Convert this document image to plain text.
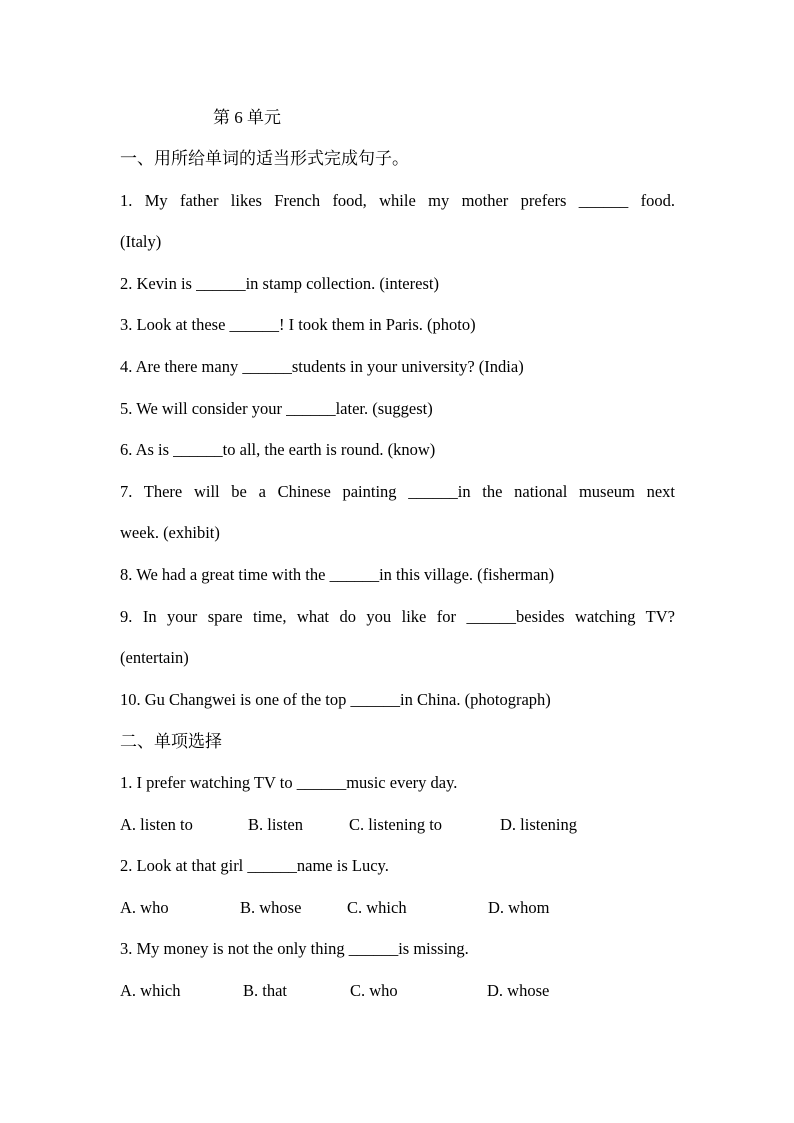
第 6 单元
一、用所给单词的适当形式完成句子。
1. My father likes French food, while my mother prefers ______ food.
(Italy)
2. Kevin is ______in stamp collection. (interest)
3. Look at these ______! I took them in Paris. (photo)
4. Are there many ______students in your university? (India)
5. We will consider your ______later. (suggest)
6. As is ______to all, the earth is round. (know)
7. There will be a Chinese painting ______in the national museum next
week. (exhibit)
8. We had a great time with the ______in this village. (fisherman)
9. In your spare time, what do you like for ______besides watching TV?
(entertain)
10. Gu Changwei is one of the top ______in China. (photograph)
二、单项选择
1. I prefer watching TV to ______music every day.
A. listen to	B. listen	C. listening to	D. listening
2. Look at that girl ______name is Lucy.
A. who	B. whose	C. which	D. whom
3. My money is not the only thing ______is missing.
A. which	B. that	C. who	D. whose
